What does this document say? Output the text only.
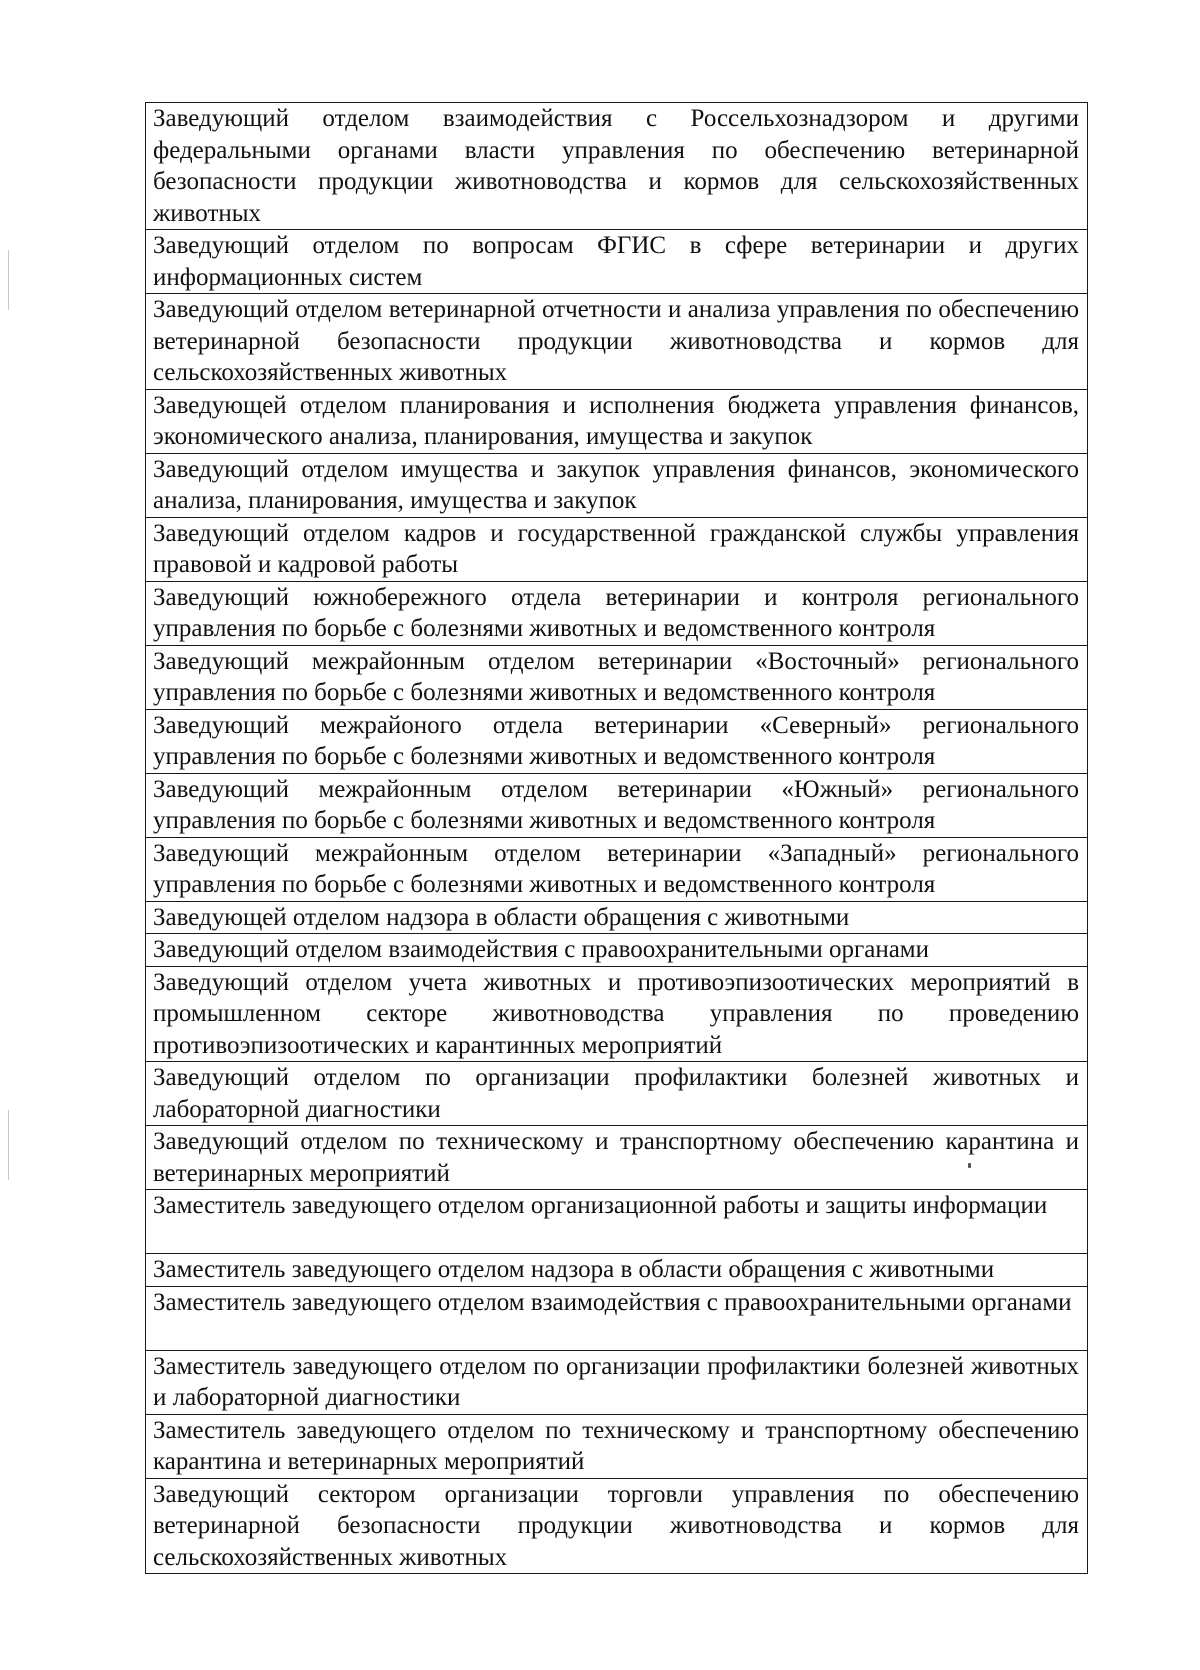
Заведующий отделом взаимодействия с Россельхознадзором и другими федеральными органами власти управления по обеспечению ветеринарной безопасности продукции животноводства и кормов для сельскохозяйственных животных
Заведующий отделом по вопросам ФГИС в сфере ветеринарии и других информационных систем
Заведующий отделом ветеринарной отчетности и анализа управления по обеспечению ветеринарной безопасности продукции животноводства и кормов для сельскохозяйственных животных
Заведующей отделом планирования и исполнения бюджета управления финансов, экономического анализа, планирования, имущества и закупок
Заведующий отделом имущества и закупок управления финансов, экономического анализа, планирования, имущества и закупок
Заведующий отделом кадров и государственной гражданской службы управления правовой и кадровой работы
Заведующий южнобережного отдела ветеринарии и контроля регионального управления по борьбе с болезнями животных и ведомственного контроля
Заведующий межрайонным отделом ветеринарии «Восточный» регионального управления по борьбе с болезнями животных и ведомственного контроля
Заведующий межрайоного отдела ветеринарии «Северный» регионального управления по борьбе с болезнями животных и ведомственного контроля
Заведующий межрайонным отделом ветеринарии «Южный» регионального управления по борьбе с болезнями животных и ведомственного контроля
Заведующий межрайонным отделом ветеринарии «Западный» регионального управления по борьбе с болезнями животных и ведомственного контроля
Заведующей отделом надзора в области обращения с животными
Заведующий отделом взаимодействия с правоохранительными органами
Заведующий отделом учета животных и противоэпизоотических мероприятий в промышленном секторе животноводства управления по проведению противоэпизоотических и карантинных мероприятий
Заведующий отделом по организации профилактики болезней животных и лабораторной диагностики
Заведующий отделом по техническому и транспортному обеспечению карантина и ветеринарных мероприятий
Заместитель заведующего отделом организационной работы и защиты информации
Заместитель заведующего отделом надзора в области обращения с животными
Заместитель заведующего отделом взаимодействия с правоохранительными органами
Заместитель заведующего отделом по организации профилактики болезней животных и лабораторной диагностики
Заместитель заведующего отделом по техническому и транспортному обеспечению карантина и ветеринарных мероприятий
Заведующий сектором организации торговли управления по обеспечению ветеринарной безопасности продукции животноводства и кормов для сельскохозяйственных животных
